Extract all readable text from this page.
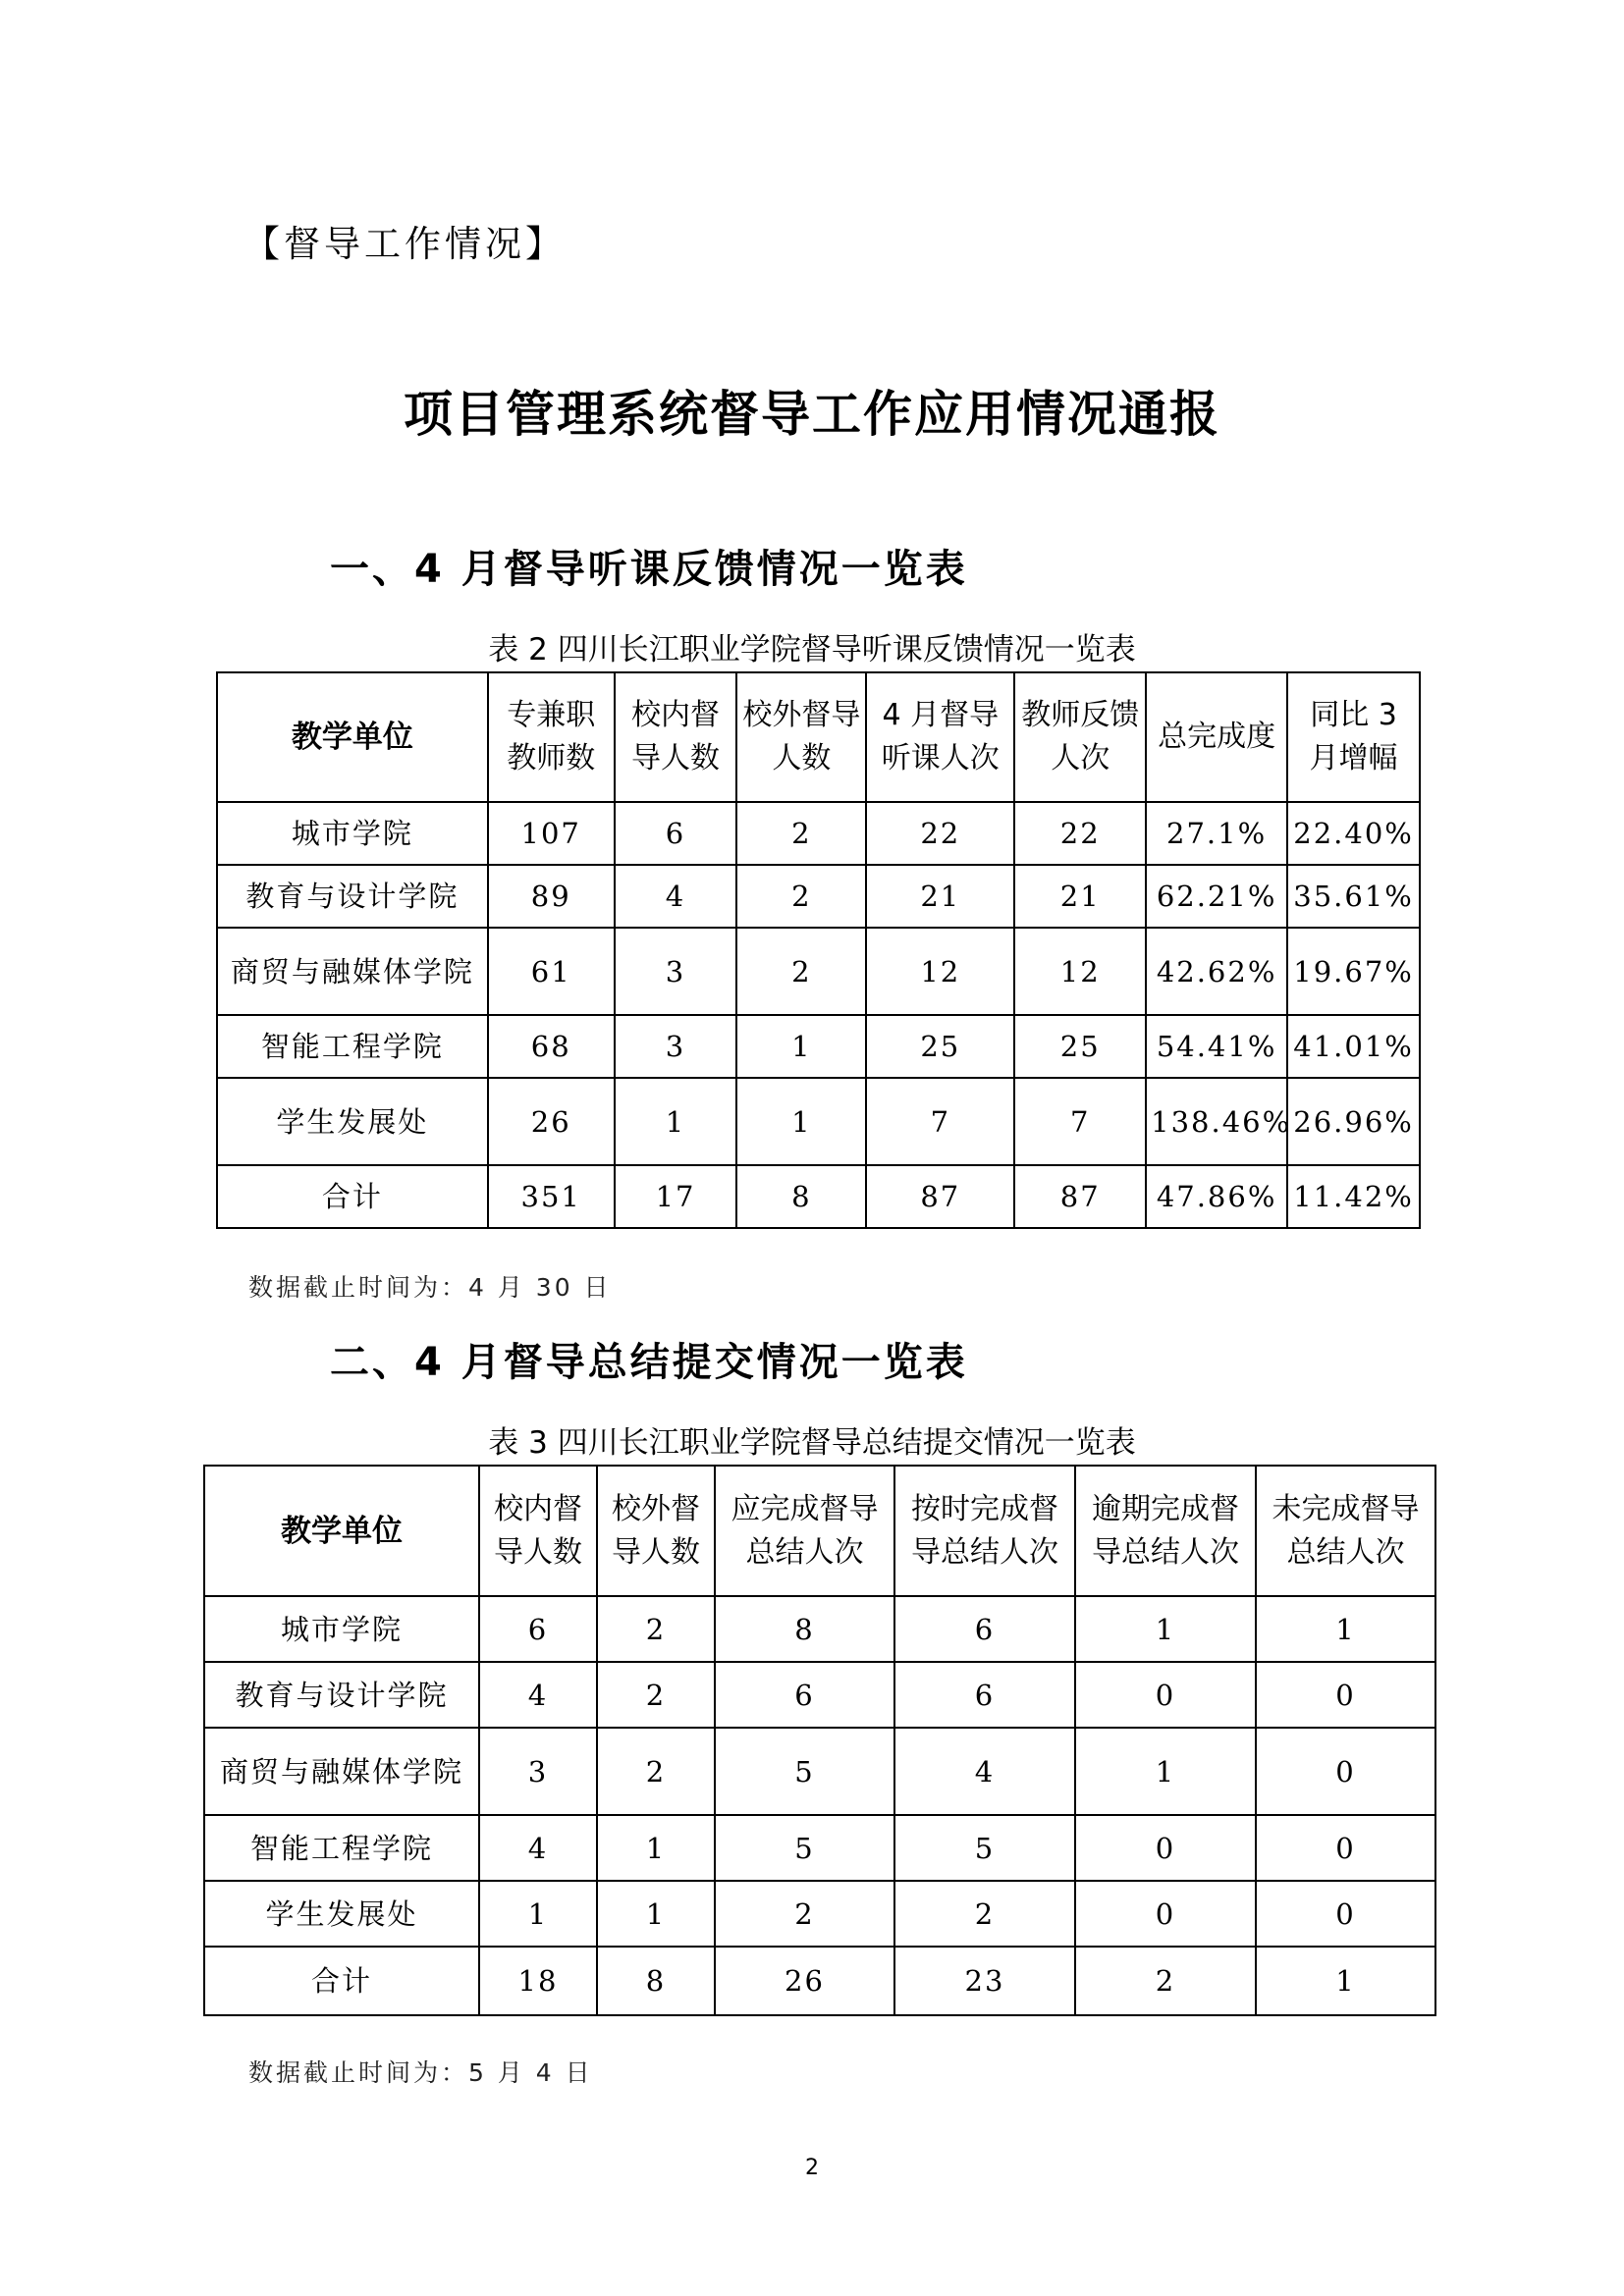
【督导工作情况】
项目管理系统督导工作应用情况通报
一、4 月督导听课反馈情况一览表
表 2 四川长江职业学院督导听课反馈情况一览表
教学单位	专兼职教师数	校内督导人数	校外督导人数	4 月督导听课人次	教师反馈人次	总完成度	同比 3 月增幅
城市学院	107	6	2	22	22	27.1%	22.40%
教育与设计学院	89	4	2	21	21	62.21%	35.61%
商贸与融媒体学院	61	3	2	12	12	42.62%	19.67%
智能工程学院	68	3	1	25	25	54.41%	41.01%
学生发展处	26	1	1	7	7	138.46%	26.96%
合计	351	17	8	87	87	47.86%	11.42%
数据截止时间为：4 月 30 日
二、4 月督导总结提交情况一览表
表 3 四川长江职业学院督导总结提交情况一览表
教学单位	校内督导人数	校外督导人数	应完成督导总结人次	按时完成督导总结人次	逾期完成督导总结人次	未完成督导总结人次
城市学院	6	2	8	6	1	1
教育与设计学院	4	2	6	6	0	0
商贸与融媒体学院	3	2	5	4	1	0
智能工程学院	4	1	5	5	0	0
学生发展处	1	1	2	2	0	0
合计	18	8	26	23	2	1
数据截止时间为：5 月 4 日
2
